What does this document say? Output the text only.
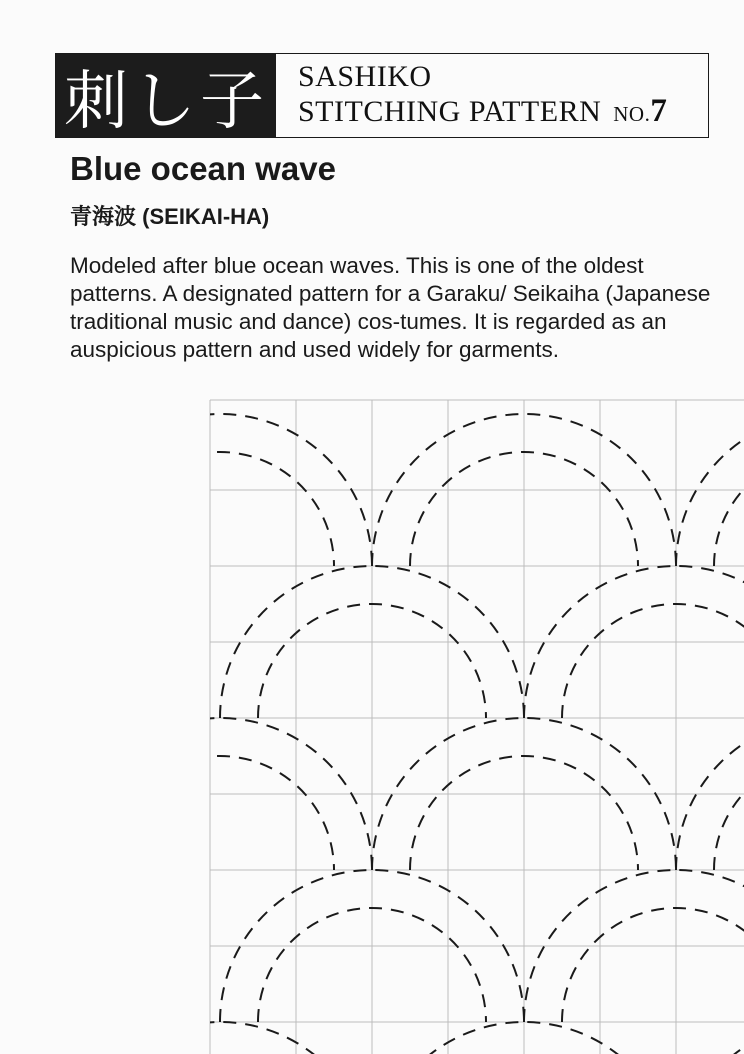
刺し子 SASHIKO
STITCHING PATTERN NO. 7
Blue ocean wave
青海波 (SEIKAI-HA)

Modeled after blue ocean waves. This is one of the oldest patterns. A designated pattern for a Garaku/ Seikaiha (Japanese traditional music and dance) cos-tumes. It is regarded as an auspicious pattern and used widely for garments.
